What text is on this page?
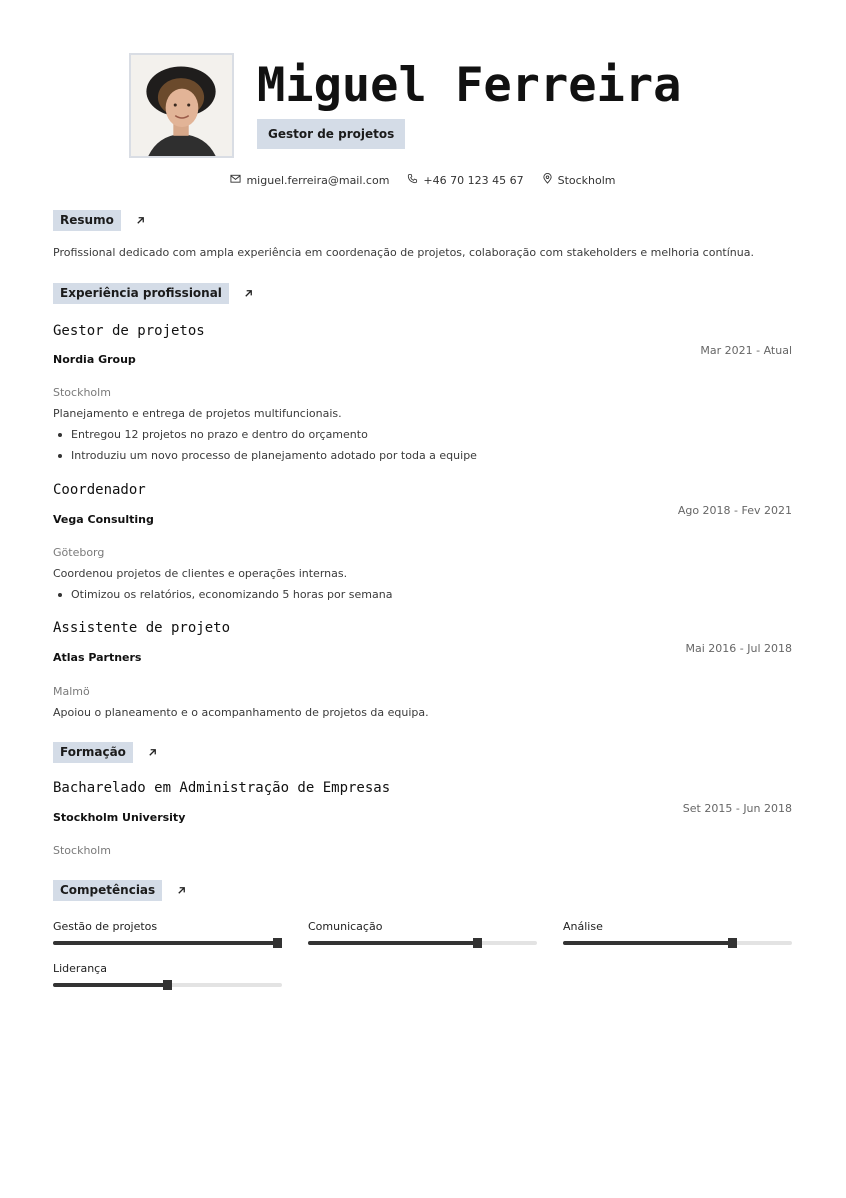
Miguel Ferreira
Gestor de projetos
miguel.ferreira@mail.com	+46 70 123 45 67	Stockholm
Resumo
Profissional dedicado com ampla experiência em coordenação de projetos, colaboração com stakeholders e melhoria contínua.
Experiência profissional
Gestor de projetos
Nordia Group
Mar 2021 - Atual
Stockholm
Planejamento e entrega de projetos multifuncionais.
Entregou 12 projetos no prazo e dentro do orçamento
Introduziu um novo processo de planejamento adotado por toda a equipe
Coordenador
Vega Consulting
Ago 2018 - Fev 2021
Göteborg
Coordenou projetos de clientes e operações internas.
Otimizou os relatórios, economizando 5 horas por semana
Assistente de projeto
Atlas Partners
Mai 2016 - Jul 2018
Malmö
Apoiou o planeamento e o acompanhamento de projetos da equipa.
Formação
Bacharelado em Administração de Empresas
Stockholm University
Set 2015 - Jun 2018
Stockholm
Competências
Gestão de projetos	Comunicação	Análise
Liderança
